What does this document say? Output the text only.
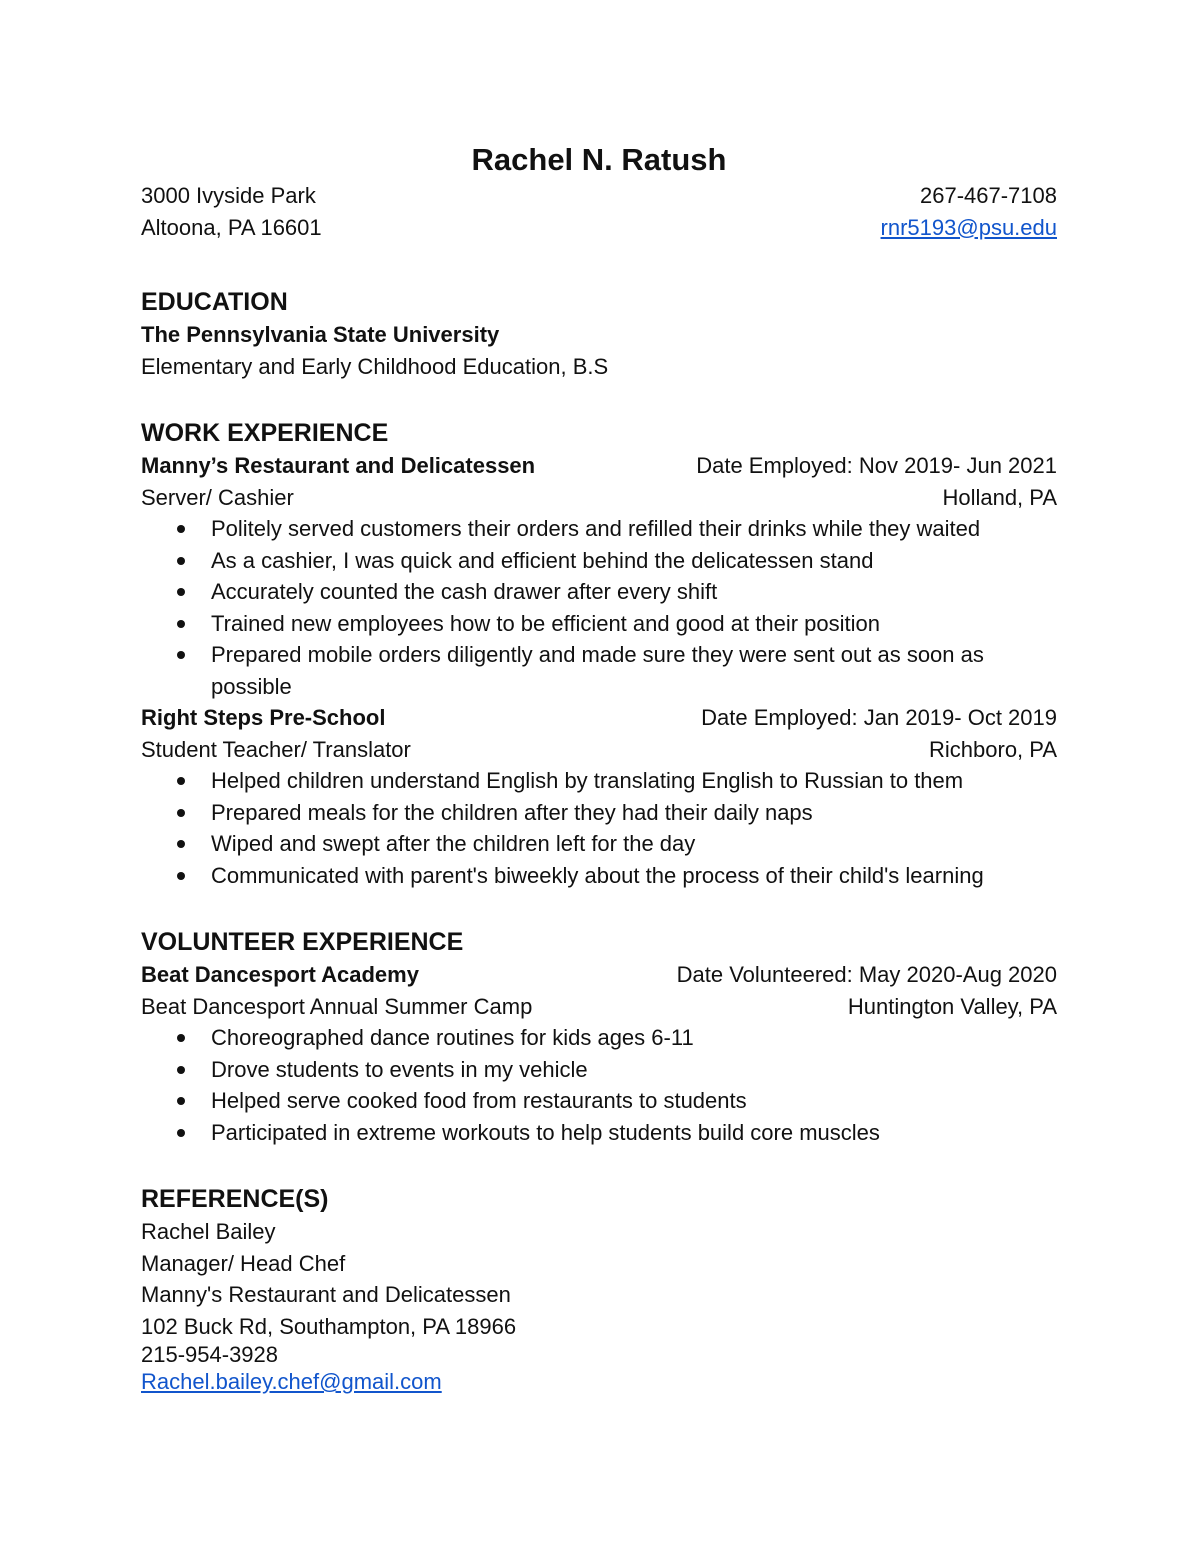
Rachel N. Ratush
3000 Ivyside Park	267-467-7108
Altoona, PA 16601	rnr5193@psu.edu
EDUCATION
The Pennsylvania State University
Elementary and Early Childhood Education, B.S
WORK EXPERIENCE
Manny’s Restaurant and Delicatessen	Date Employed: Nov 2019- Jun 2021
Server/ Cashier	Holland, PA
Politely served customers their orders and refilled their drinks while they waited
As a cashier, I was quick and efficient behind the delicatessen stand
Accurately counted the cash drawer after every shift
Trained new employees how to be efficient and good at their position
Prepared mobile orders diligently and made sure they were sent out as soon as possible
Right Steps Pre-School	Date Employed: Jan 2019- Oct 2019
Student Teacher/ Translator	Richboro, PA
Helped children understand English by translating English to Russian to them
Prepared meals for the children after they had their daily naps
Wiped and swept after the children left for the day
Communicated with parent's biweekly about the process of their child's learning
VOLUNTEER EXPERIENCE
Beat Dancesport Academy	Date Volunteered: May 2020-Aug 2020
Beat Dancesport Annual Summer Camp	Huntington Valley, PA
Choreographed dance routines for kids ages 6-11
Drove students to events in my vehicle
Helped serve cooked food from restaurants to students
Participated in extreme workouts to help students build core muscles
REFERENCE(S)
Rachel Bailey
Manager/ Head Chef
Manny's Restaurant and Delicatessen
102 Buck Rd, Southampton, PA 18966
215-954-3928
Rachel.bailey.chef@gmail.com
